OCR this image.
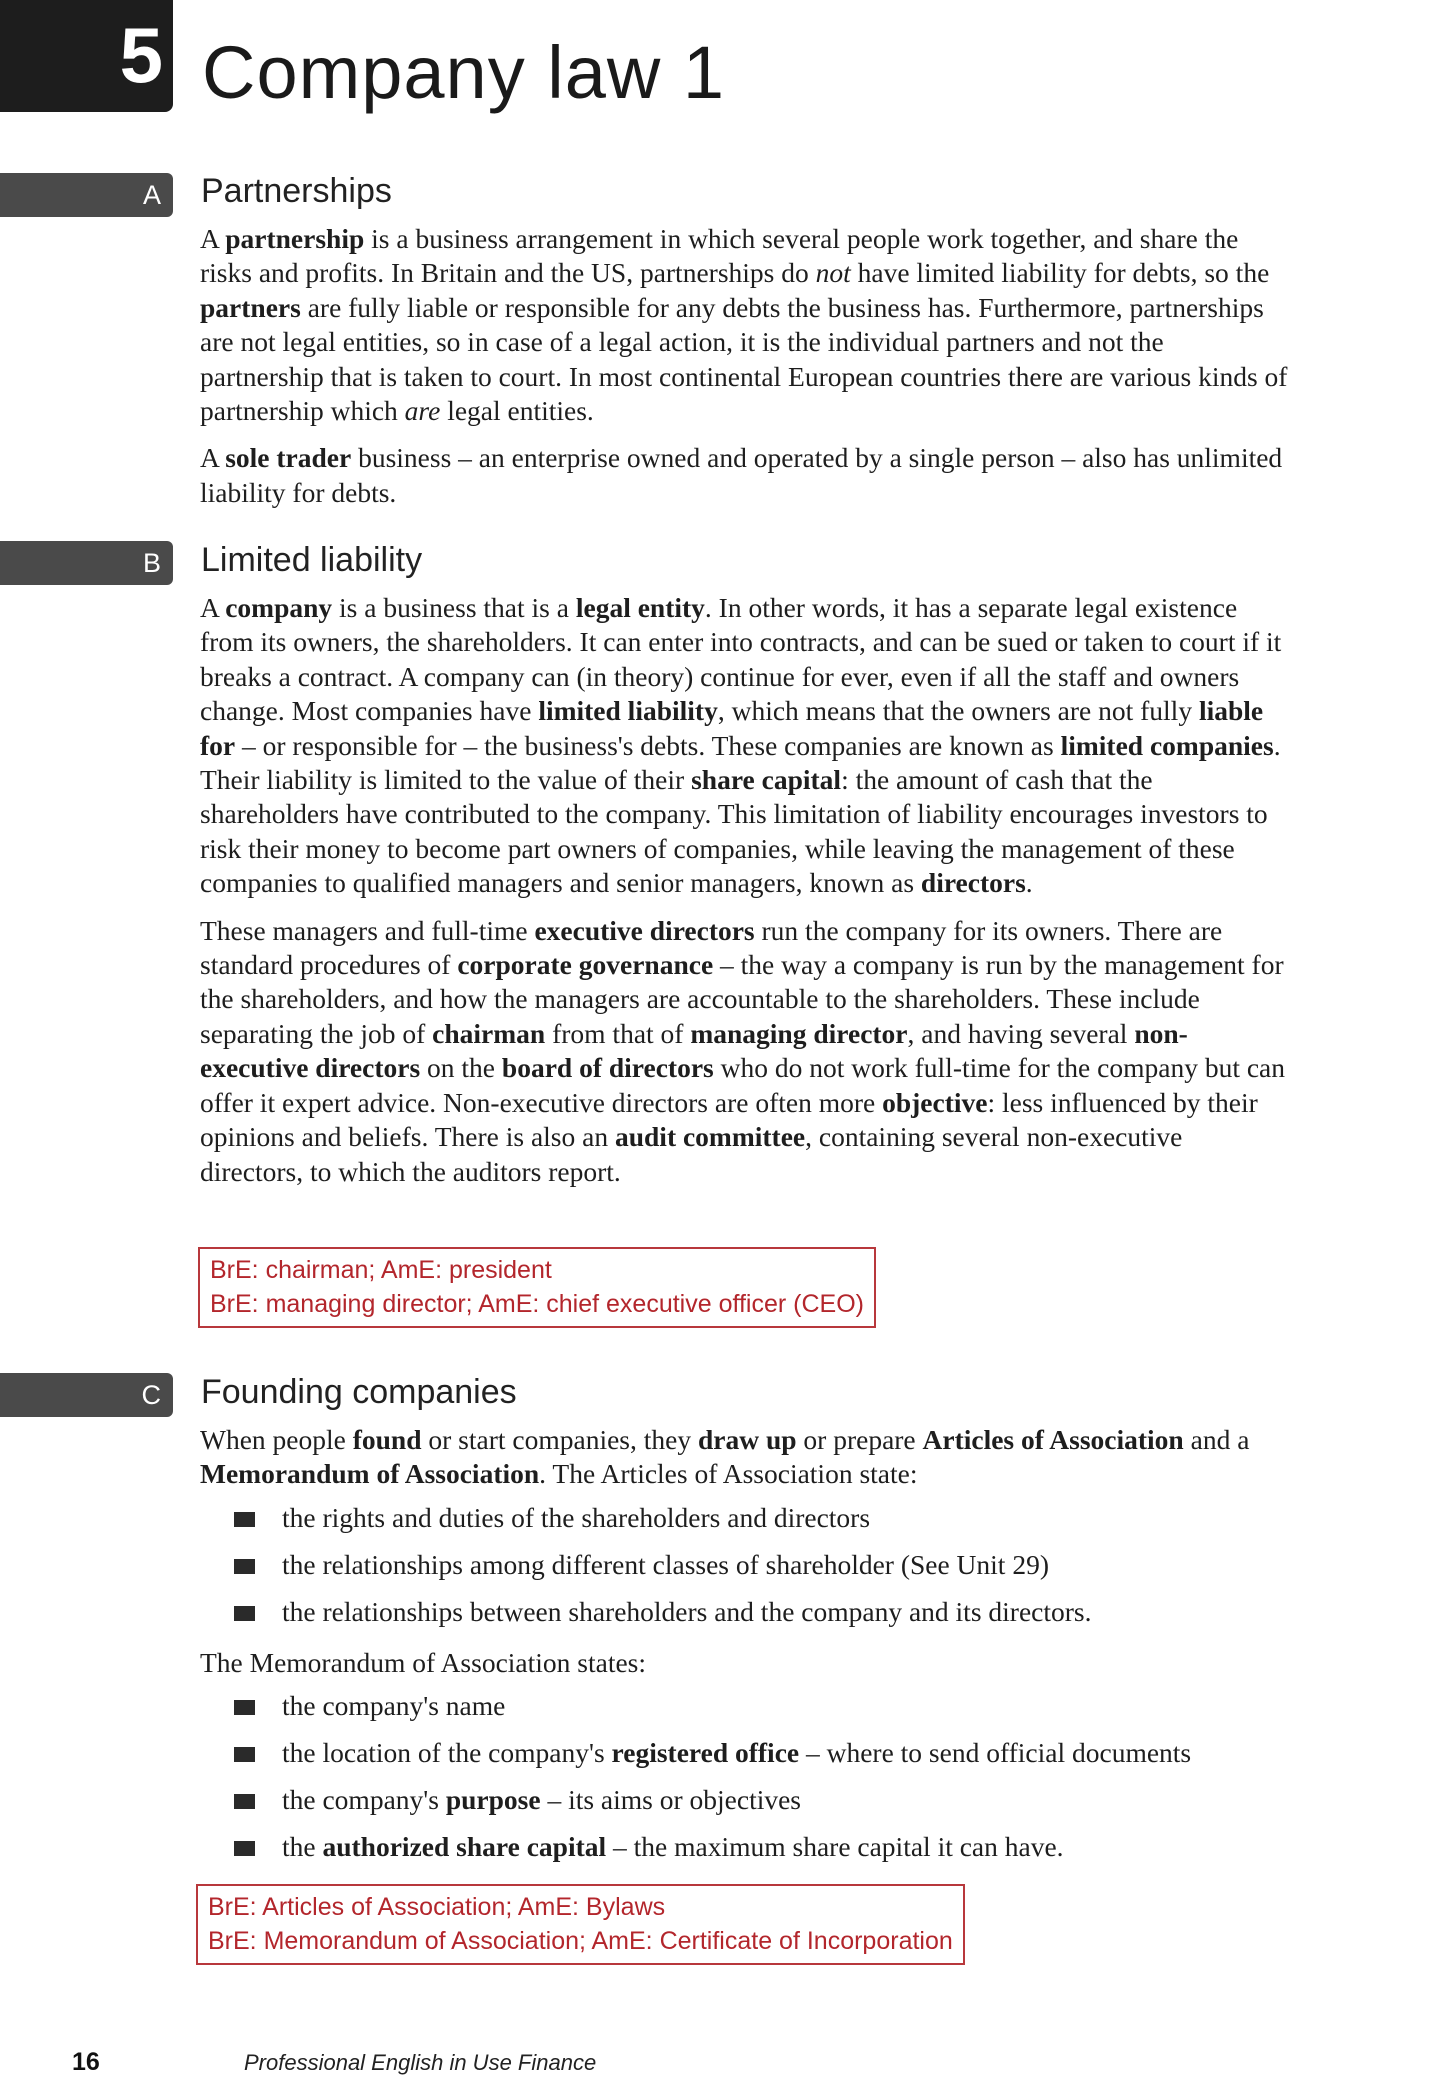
5 Company law 1
A Partnerships

A partnership is a business arrangement in which several people work together, and share the risks and profits. In Britain and the US, partnerships do not have limited liability for debts, so the partners are fully liable or responsible for any debts the business has. Furthermore, partnerships are not legal entities, so in case of a legal action, it is the individual partners and not the partnership that is taken to court. In most continental European countries there are various kinds of partnership which are legal entities.

A sole trader business – an enterprise owned and operated by a single person – also has unlimited liability for debts.

B Limited liability

A company is a business that is a legal entity. In other words, it has a separate legal existence from its owners, the shareholders. It can enter into contracts, and can be sued or taken to court if it breaks a contract. A company can (in theory) continue for ever, even if all the staff and owners change. Most companies have limited liability, which means that the owners are not fully liable for – or responsible for – the business's debts. These companies are known as limited companies. Their liability is limited to the value of their share capital: the amount of cash that the shareholders have contributed to the company. This limitation of liability encourages investors to risk their money to become part owners of companies, while leaving the management of these companies to qualified managers and senior managers, known as directors.

These managers and full-time executive directors run the company for its owners. There are standard procedures of corporate governance – the way a company is run by the management for the shareholders, and how the managers are accountable to the shareholders. These include separating the job of chairman from that of managing director, and having several non-executive directors on the board of directors who do not work full-time for the company but can offer it expert advice. Non-executive directors are often more objective: less influenced by their opinions and beliefs. There is also an audit committee, containing several non-executive directors, to which the auditors report.

BrE: chairman; AmE: president
BrE: managing director; AmE: chief executive officer (CEO)
C Founding companies

When people found or start companies, they draw up or prepare Articles of Association and a Memorandum of Association. The Articles of Association state:

the rights and duties of the shareholders and directors
the relationships among different classes of shareholder (See Unit 29)
the relationships between shareholders and the company and its directors.
The Memorandum of Association states:
the company's name
the location of the company's registered office – where to send official documents
the company's purpose – its aims or objectives
the authorized share capital – the maximum share capital it can have.
BrE: Articles of Association; AmE: Bylaws
BrE: Memorandum of Association; AmE: Certificate of Incorporation
16	Professional English in Use Finance
